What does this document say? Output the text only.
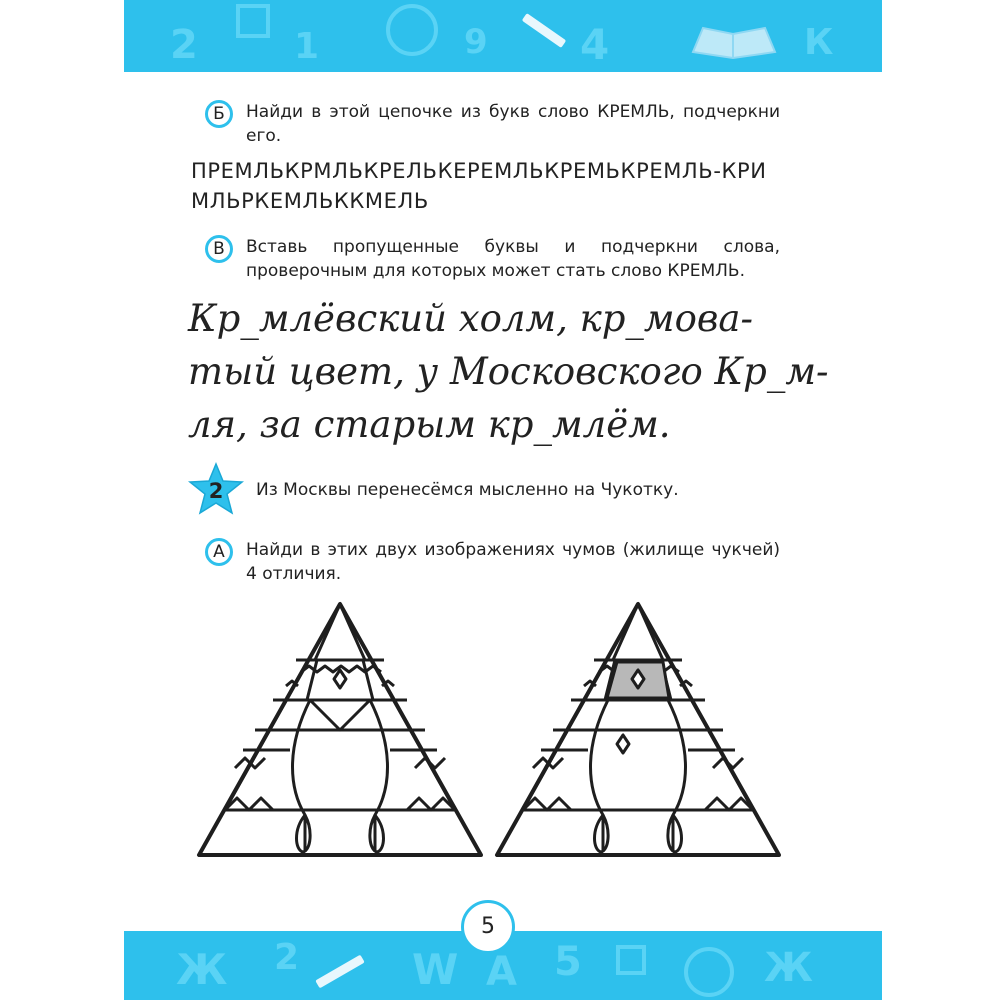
2	1	9 4	К
Б	Найди в этой цепочке из букв слово КРЕМЛЬ, подчеркни его.
ПРЕМЛЬКРМЛЬКРЕЛЬКЕРЕМЛЬКРЕМЬКРЕМЛЬ-КРИМЛЬРКЕМЛЬККМЕЛЬ
В	Вставь пропущенные буквы и подчеркни слова, проверочным для которых может стать слово КРЕМЛЬ.
Кр_млёвский холм, кр_мова-
тый цвет, у Московского Кр_м-
ля, за старым кр_млём.
2 Из Москвы перенесёмся мысленно на Чукотку.
А	Найди в этих двух изображениях чумов (жилище чукчей) 4 отличия.
Ж 2	W A 5	Ж
5
